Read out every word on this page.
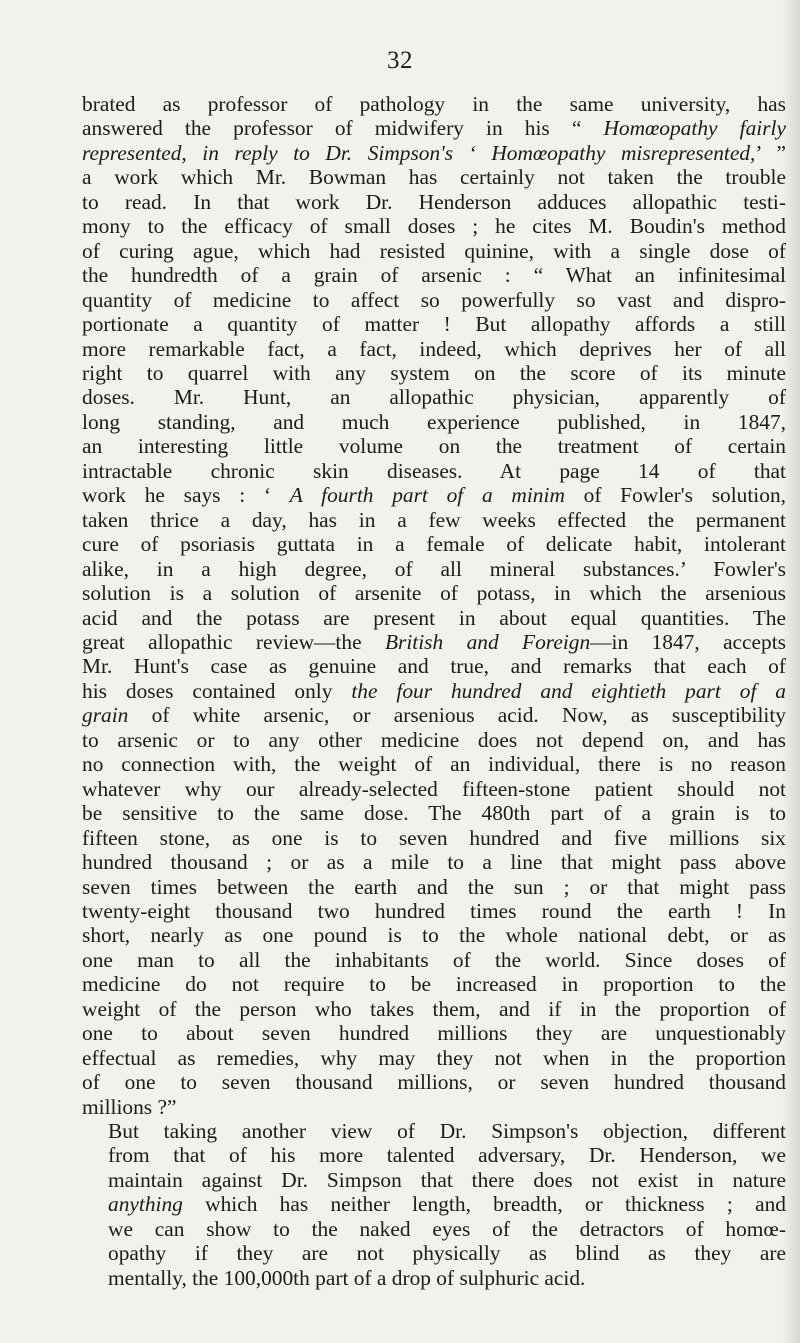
32

brated as professor of pathology in the same university, has
answered the professor of midwifery in his “ Homœopathy fairly
represented, in reply to Dr. Simpson's ‘ Homœopathy misrepresented,’ ”
a work which Mr. Bowman has certainly not taken the trouble
to read. In that work Dr. Henderson adduces allopathic testi-
mony to the efficacy of small doses ; he cites M. Boudin's method
of curing ague, which had resisted quinine, with a single dose of
the hundredth of a grain of arsenic : “ What an infinitesimal
quantity of medicine to affect so powerfully so vast and dispro-
portionate a quantity of matter ! But allopathy affords a still
more remarkable fact, a fact, indeed, which deprives her of all
right to quarrel with any system on the score of its minute
doses. Mr. Hunt, an allopathic physician, apparently of
long standing, and much experience published, in 1847,
an interesting little volume on the treatment of certain
intractable chronic skin diseases. At page 14 of that
work he says : ‘ A fourth part of a minim of Fowler's solution,
taken thrice a day, has in a few weeks effected the permanent
cure of psoriasis guttata in a female of delicate habit, intolerant
alike, in a high degree, of all mineral substances.’ Fowler's
solution is a solution of arsenite of potass, in which the arsenious
acid and the potass are present in about equal quantities. The
great allopathic review—the British and Foreign—in 1847, accepts
Mr. Hunt's case as genuine and true, and remarks that each of
his doses contained only the four hundred and eightieth part of a
grain of white arsenic, or arsenious acid. Now, as susceptibility
to arsenic or to any other medicine does not depend on, and has
no connection with, the weight of an individual, there is no reason
whatever why our already-selected fifteen-stone patient should not
be sensitive to the same dose. The 480th part of a grain is to
fifteen stone, as one is to seven hundred and five millions six
hundred thousand ; or as a mile to a line that might pass above
seven times between the earth and the sun ; or that might pass
twenty-eight thousand two hundred times round the earth ! In
short, nearly as one pound is to the whole national debt, or as
one man to all the inhabitants of the world. Since doses of
medicine do not require to be increased in proportion to the
weight of the person who takes them, and if in the proportion of
one to about seven hundred millions they are unquestionably
effectual as remedies, why may they not when in the proportion
of one to seven thousand millions, or seven hundred thousand
millions ?”

But taking another view of Dr. Simpson's objection, different
from that of his more talented adversary, Dr. Henderson, we
maintain against Dr. Simpson that there does not exist in nature
anything which has neither length, breadth, or thickness ; and
we can show to the naked eyes of the detractors of homœ-
opathy if they are not physically as blind as they are
mentally, the 100,000th part of a drop of sulphuric acid.
